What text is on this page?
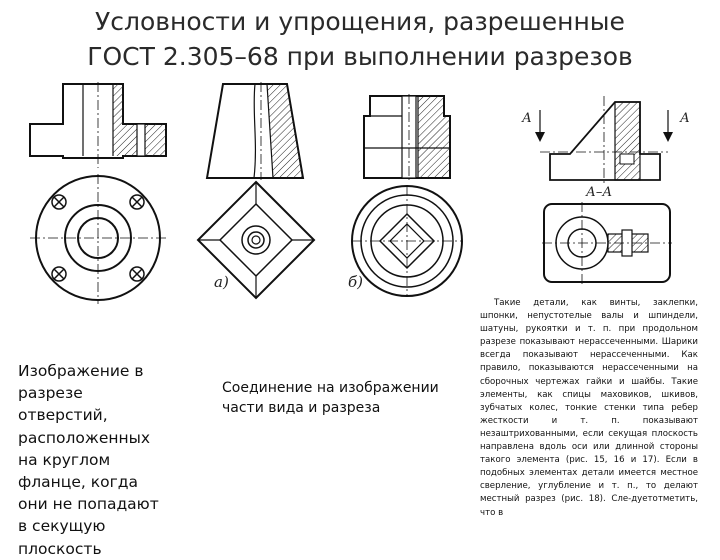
Условности и упрощения, разрешенные
ГОСТ 2.305–68 при выполнении разрезов
а)	б)
А	А
А–А
Изображение в
разрезе
отверстий,
расположенных
на круглом
фланце, когда
они не попадают
в секущую
плоскость
Соединение на изображении
части вида и разреза
Такие детали, как винты, заклепки, шпонки, непустотелые валы и шпиндели, шатуны, рукоятки и т. п. при продольном разрезе показывают нерассеченными. Шарики всегда показывают нерассеченными. Как правило, показываются нерассеченными на сборочных чертежах гайки и шайбы. Такие элементы, как спицы маховиков, шкивов, зубчатых колес, тонкие стенки типа ребер жесткости и т. п. показывают незаштрихованными, если секущая плоскость направлена вдоль оси или длинной стороны такого элемента (рис. 15, 16 и 17). Если в подобных элементах детали имеется местное сверление, углубление и т. п., то делают местный разрез (рис. 18). Сле-дуетотметить, что в
